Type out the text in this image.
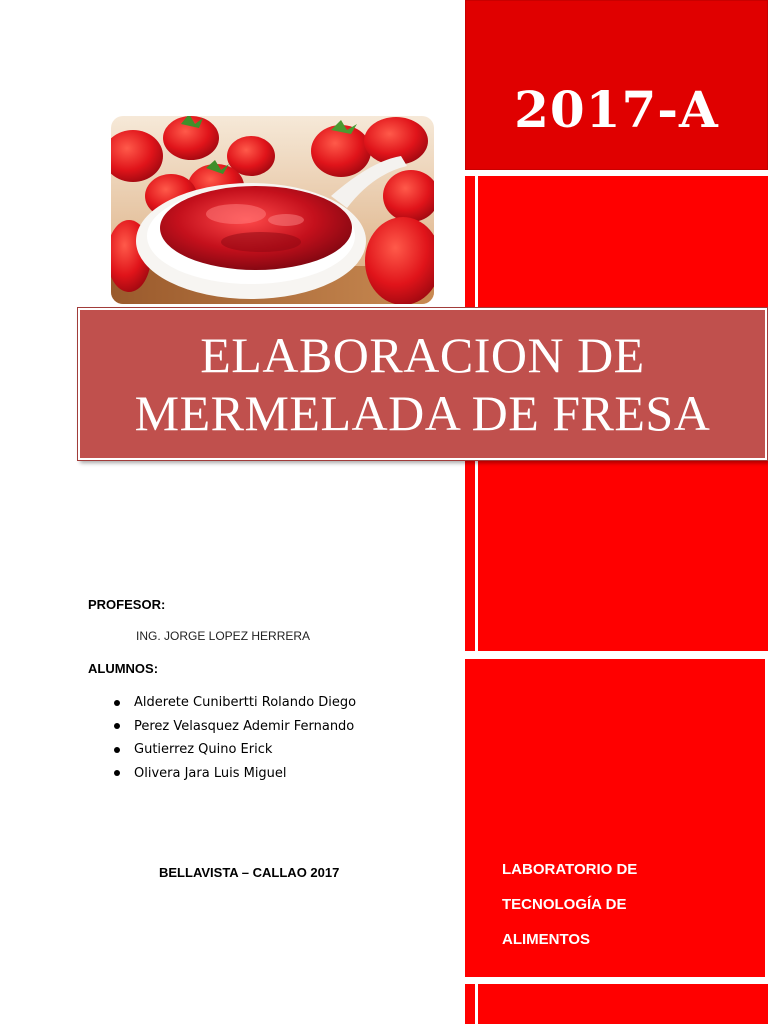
2017-A
ELABORACION DE
MERMELADA DE FRESA
PROFESOR:
ING. JORGE LOPEZ HERRERA
ALUMNOS:
Alderete Cunibertti Rolando Diego
Perez Velasquez Ademir Fernando
Gutierrez Quino Erick
Olivera Jara Luis Miguel
BELLAVISTA – CALLAO 2017	LABORATORIO DE
TECNOLOGÍA DE
ALIMENTOS
